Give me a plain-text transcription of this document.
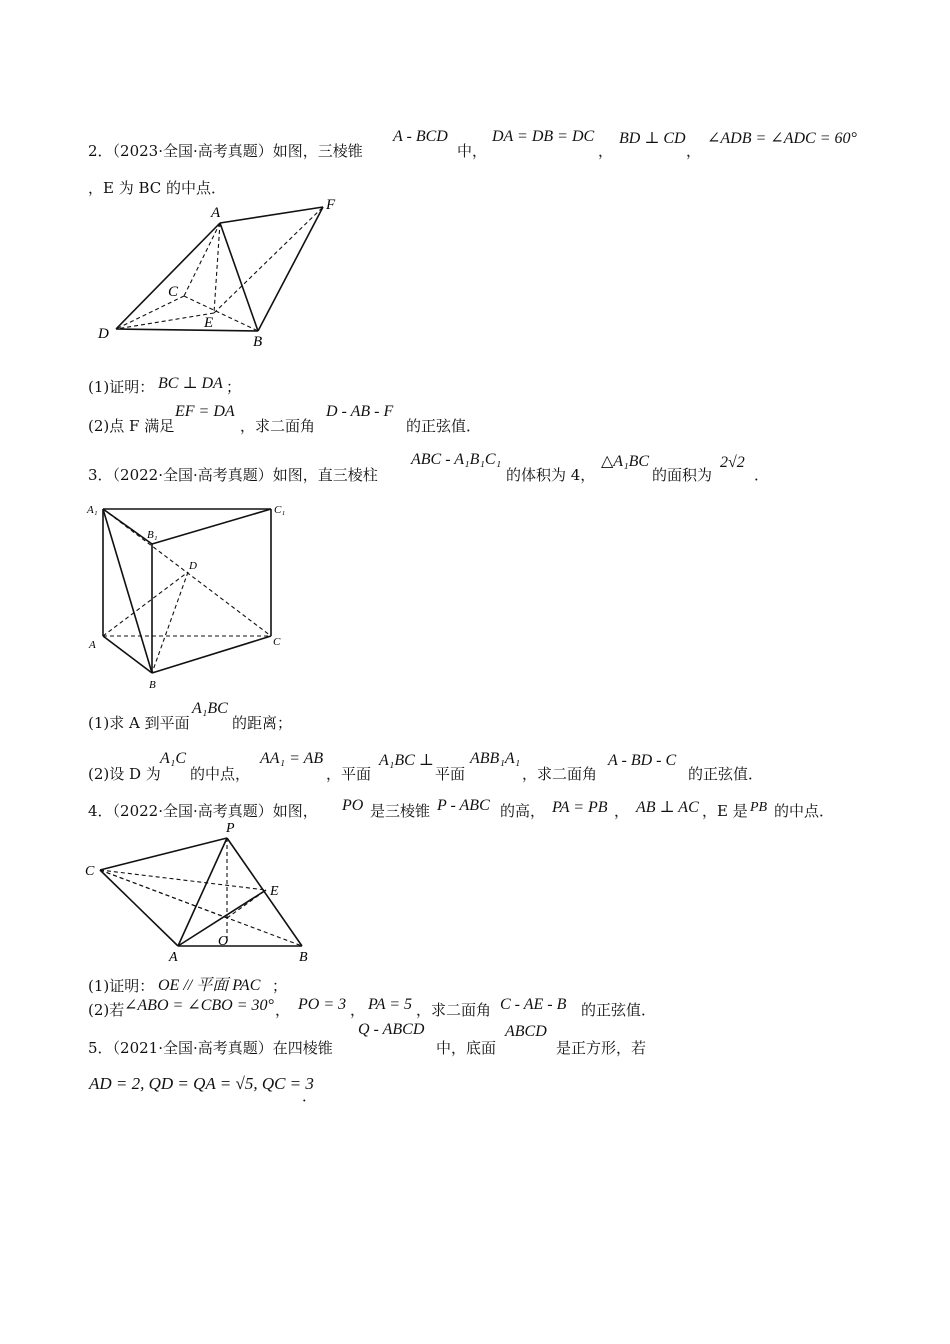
2．（2023·全国·高考真题）如图，三棱锥
A - BCD
中，
DA = DB = DC
，
BD ⊥ CD
，
∠ADB = ∠ADC = 60°
，E 为 BC 的中点．
A	F
C
E
D	B
(1)证明： BC ⊥ DA ；
(2)点 F 满足
EF = DA
，求二面角
D - AB - F
的正弦值．
3．（2022·全国·高考真题）如图，直三棱柱
ABC - A₁B₁C₁
的体积为 4，
△A₁BC
的面积为
2√2
．
A₁	C₁
B₁
D
A	C
B
(1)求 A 到平面
A₁BC
的距离；
(2)设 D 为
A₁C
的中点，
AA₁ = AB
，平面
A₁BC ⊥
平面
ABB₁A₁
，求二面角
A - BD - C
的正弦值．
4．（2022·全国·高考真题）如图， PO 是三棱锥 P - ABC 的高， PA = PB ， AB ⊥ AC ，E 是 PB 的中点．
P
C
E
O
A	B
(1)证明： OE // 平面 PAC ；
(2)若 ∠ABO = ∠CBO = 30° ， PO = 3 ， PA = 5 ，求二面角 C - AE - B 的正弦值．
5．（2021·全国·高考真题）在四棱锥
Q - ABCD
中，底面
ABCD
是正方形，若
AD = 2, QD = QA = √5, QC = 3
．
